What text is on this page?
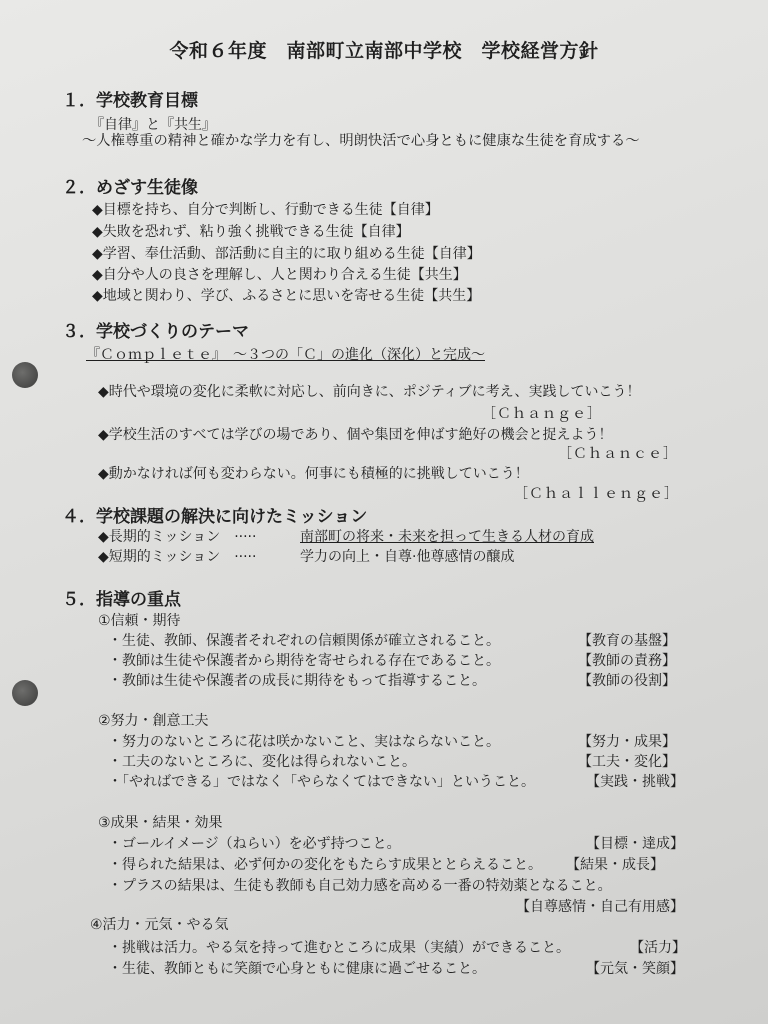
令和６年度　南部町立南部中学校　学校経営方針
１．学校教育目標
『自律』と『共生』
〜人権尊重の精神と確かな学力を有し、明朗快活で心身ともに健康な生徒を育成する〜
２．めざす生徒像
◆目標を持ち、自分で判断し、行動できる生徒【自律】
◆失敗を恐れず、粘り強く挑戦できる生徒【自律】
◆学習、奉仕活動、部活動に自主的に取り組める生徒【自律】
◆自分や人の良さを理解し、人と関わり合える生徒【共生】
◆地域と関わり、学び、ふるさとに思いを寄せる生徒【共生】
３．学校づくりのテーマ
『Ｃｏｍｐｌｅｔｅ』　〜３つの「Ｃ」の進化（深化）と完成〜
◆時代や環境の変化に柔軟に対応し、前向きに、ポジティブに考え、実践していこう！
［Ｃｈａｎｇｅ］
◆学校生活のすべては学びの場であり、個や集団を伸ばす絶好の機会と捉えよう！
［Ｃｈａｎｃｅ］
◆動かなければ何も変わらない。何事にも積極的に挑戦していこう！
［Ｃｈａｌｌｅｎｇｅ］
４．学校課題の解決に向けたミッション
◆長期的ミッション　·····	南部町の将来・未来を担って生きる人材の育成
◆短期的ミッション　·····	学力の向上・自尊·他尊感情の醸成
５．指導の重点
①信頼・期待
・生徒、教師、保護者それぞれの信頼関係が確立されること。	【教育の基盤】
・教師は生徒や保護者から期待を寄せられる存在であること。	【教師の責務】
・教師は生徒や保護者の成長に期待をもって指導すること。	【教師の役割】
②努力・創意工夫
・努力のないところに花は咲かないこと、実はならないこと。	【努力・成果】
・工夫のないところに、変化は得られないこと。	【工夫・変化】
・「やればできる」ではなく「やらなくてはできない」ということ。	【実践・挑戦】
③成果・結果・効果
・ゴールイメージ（ねらい）を必ず持つこと。	【目標・達成】
・得られた結果は、必ず何かの変化をもたらす成果ととらえること。 【結果・成長】
・プラスの結果は、生徒も教師も自己効力感を高める一番の特効薬となること。
【自尊感情・自己有用感】
④活力・元気・やる気
・挑戦は活力。やる気を持って進むところに成果（実績）ができること。	【活力】
・生徒、教師ともに笑顔で心身ともに健康に過ごせること。	【元気・笑顔】
